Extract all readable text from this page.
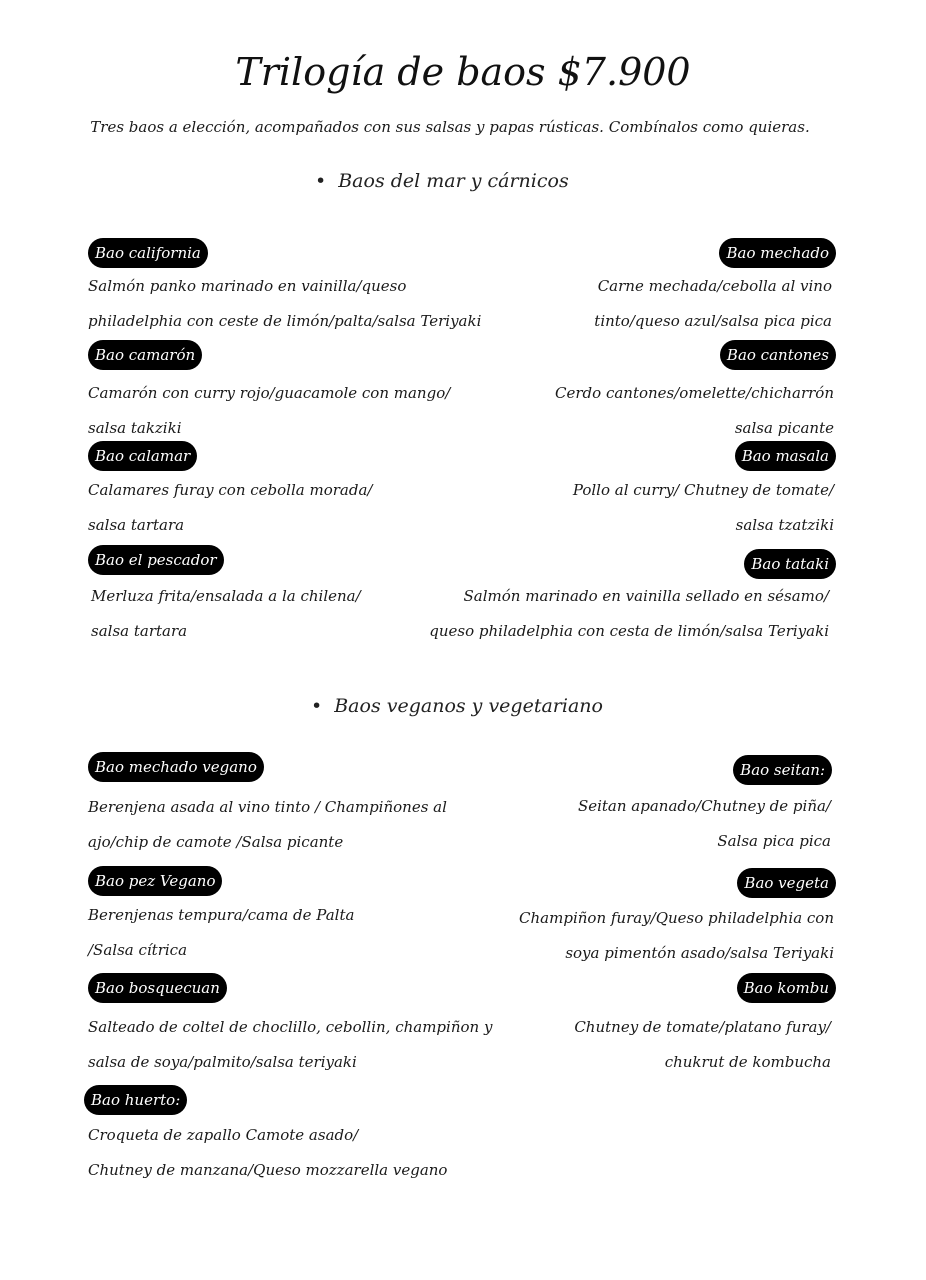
Trilogía de baos $7.900
Tres baos a elección, acompañados con sus salsas y papas rústicas. Combínalos como quieras.
• Baos del mar y cárnicos
Bao california
Salmón panko marinado en vainilla/queso
philadelphia con ceste de limón/palta/salsa Teriyaki
Bao mechado
Carne mechada/cebolla al vino
tinto/queso azul/salsa pica pica
Bao camarón
Camarón con curry rojo/guacamole con mango/
salsa takziki
Bao cantones
Cerdo cantones/omelette/chicharrón
salsa picante
Bao calamar
Calamares furay con cebolla morada/
salsa tartara
Bao masala
Pollo al curry/ Chutney de tomate/
salsa tzatziki
Bao el pescador
Merluza frita/ensalada a la chilena/
salsa tartara
Bao tataki
Salmón marinado en vainilla sellado en sésamo/
queso philadelphia con cesta de limón/salsa Teriyaki
• Baos veganos y vegetariano
Bao mechado vegano
Berenjena asada al vino tinto / Champiñones al
ajo/chip de camote /Salsa picante
Bao seitan:
Seitan apanado/Chutney de piña/
Salsa pica pica
Bao pez Vegano
Berenjenas tempura/cama de Palta
/Salsa cítrica
Bao vegeta
Champiñon furay/Queso philadelphia con
soya pimentón asado/salsa Teriyaki
Bao bosquecuan
Salteado de coltel de choclillo, cebollin, champiñon y
salsa de soya/palmito/salsa teriyaki
Bao kombu
Chutney de tomate/platano furay/
chukrut de kombucha
Bao huerto:
Croqueta de zapallo Camote asado/
Chutney de manzana/Queso mozzarella vegano
